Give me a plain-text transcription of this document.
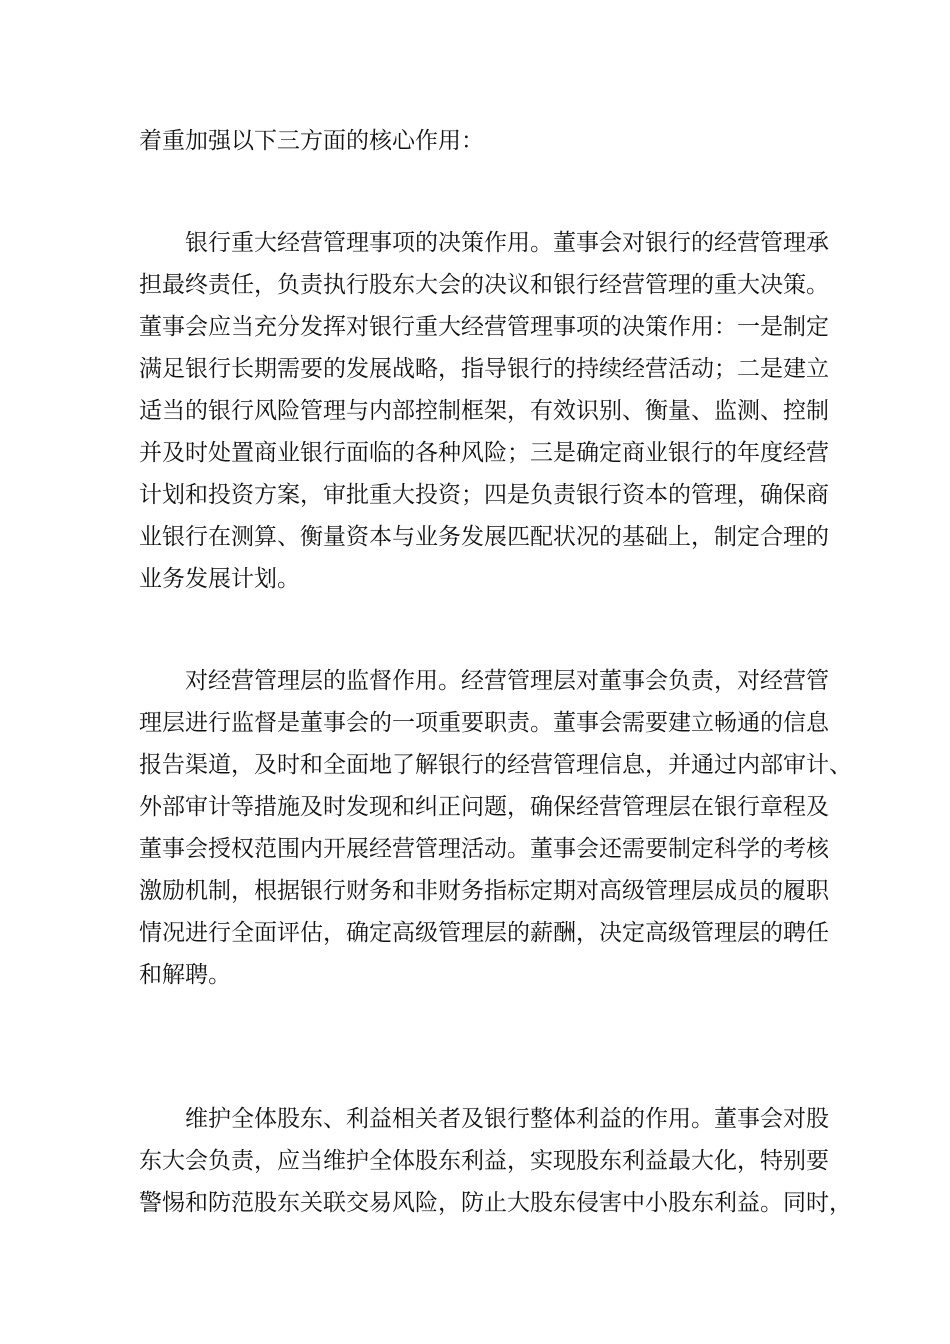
着重加强以下三方面的核心作用：
银行重大经营管理事项的决策作用。董事会对银行的经营管理承
担最终责任，负责执行股东大会的决议和银行经营管理的重大决策。
董事会应当充分发挥对银行重大经营管理事项的决策作用：一是制定
满足银行长期需要的发展战略，指导银行的持续经营活动；二是建立
适当的银行风险管理与内部控制框架，有效识别、衡量、监测、控制
并及时处置商业银行面临的各种风险；三是确定商业银行的年度经营
计划和投资方案，审批重大投资；四是负责银行资本的管理，确保商
业银行在测算、衡量资本与业务发展匹配状况的基础上，制定合理的
业务发展计划。
对经营管理层的监督作用。经营管理层对董事会负责，对经营管
理层进行监督是董事会的一项重要职责。董事会需要建立畅通的信息
报告渠道，及时和全面地了解银行的经营管理信息，并通过内部审计、
外部审计等措施及时发现和纠正问题，确保经营管理层在银行章程及
董事会授权范围内开展经营管理活动。董事会还需要制定科学的考核
激励机制，根据银行财务和非财务指标定期对高级管理层成员的履职
情况进行全面评估，确定高级管理层的薪酬，决定高级管理层的聘任
和解聘。
维护全体股东、利益相关者及银行整体利益的作用。董事会对股
东大会负责，应当维护全体股东利益，实现股东利益最大化，特别要
警惕和防范股东关联交易风险，防止大股东侵害中小股东利益。同时，
